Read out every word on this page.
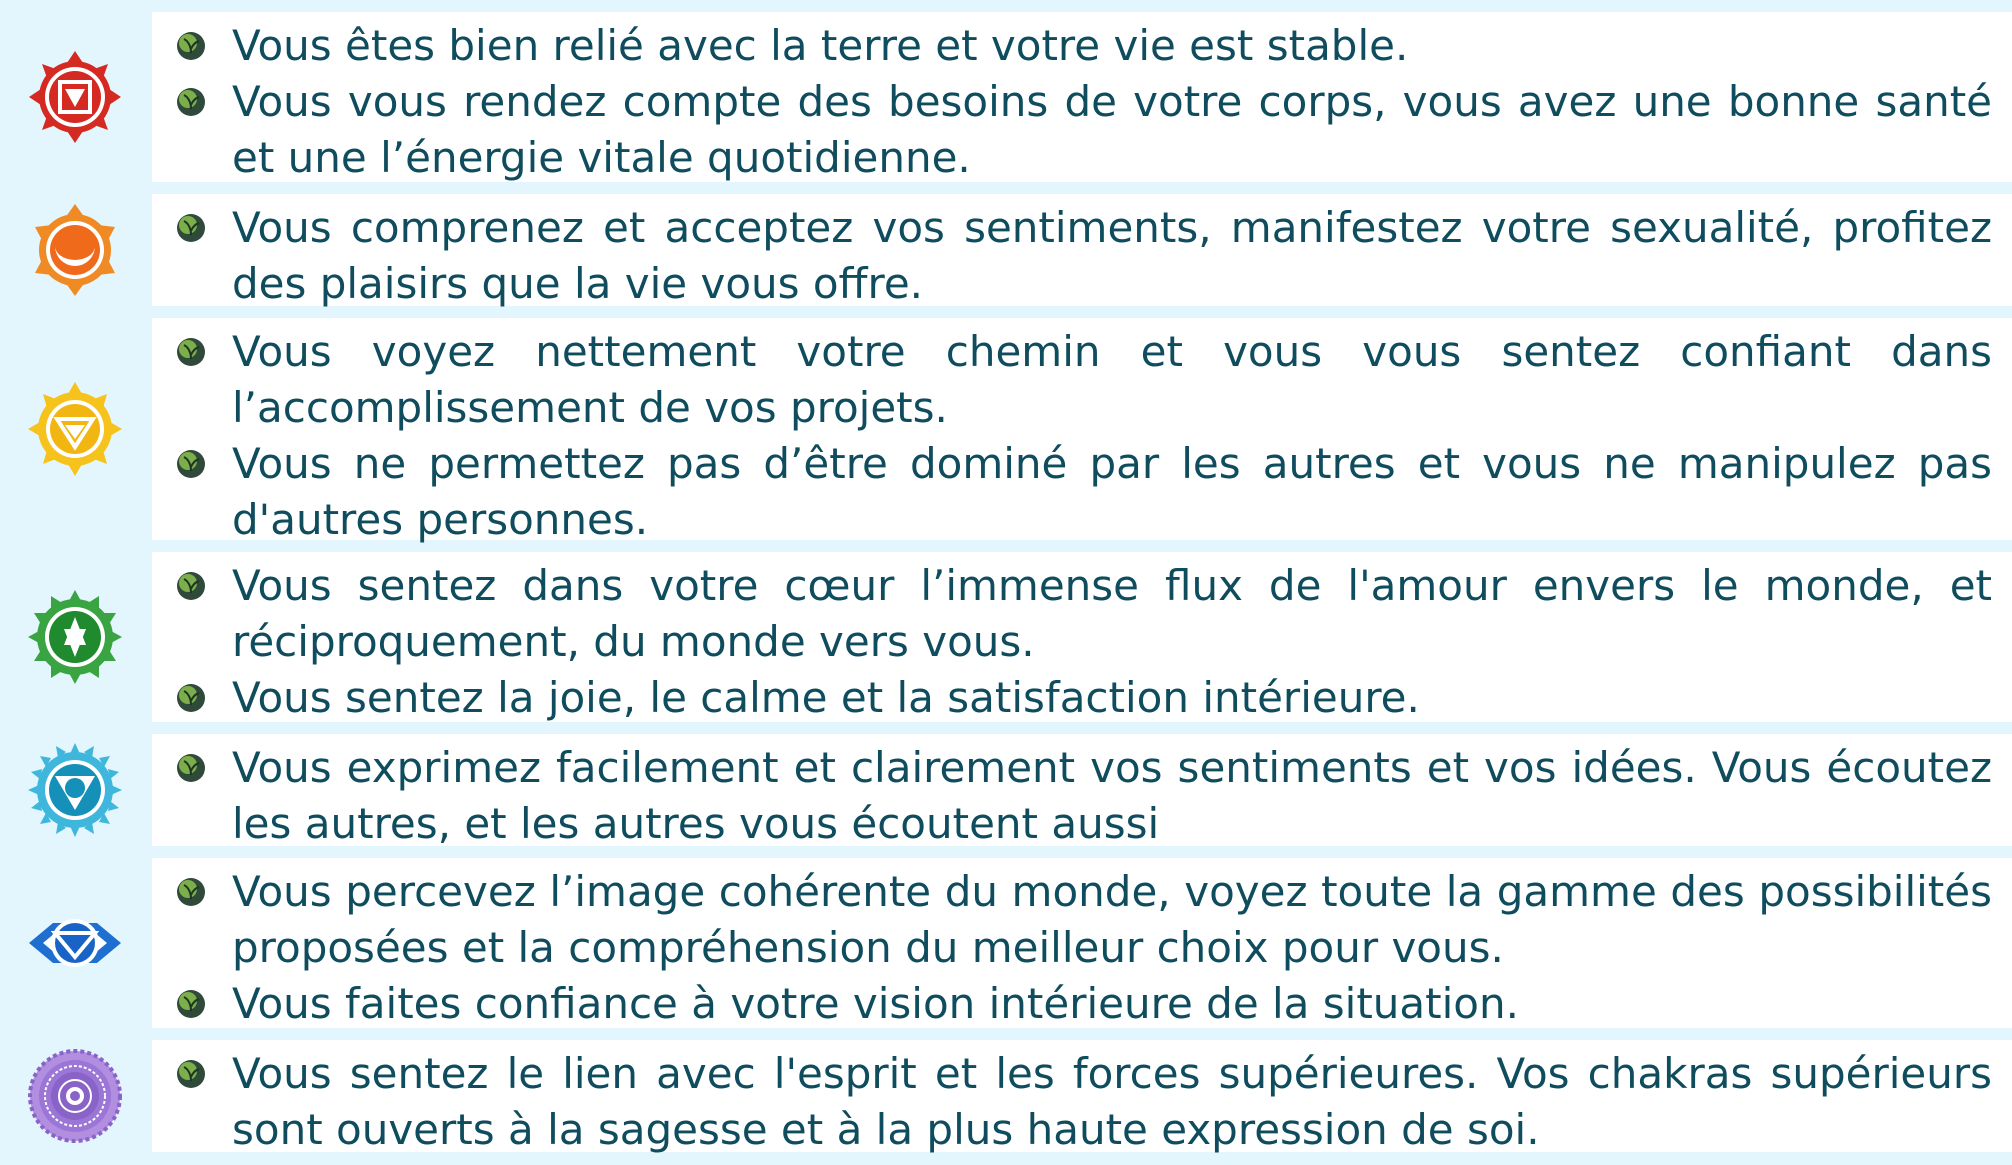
Vous êtes bien relié avec la terre et votre vie est stable.
Vous vous rendez compte des besoins de votre corps, vous avez une bonne santé et une l’énergie vitale quotidienne.
Vous comprenez et acceptez vos sentiments, manifestez votre sexualité, profitez des plaisirs que la vie vous offre.
Vous voyez nettement votre chemin et vous vous sentez confiant dans l’accomplissement de vos projets.
Vous ne permettez pas d’être dominé par les autres et vous ne manipulez pas d'autres personnes.
Vous sentez dans votre cœur l’immense flux de l'amour envers le monde, et réciproquement, du monde vers vous.
Vous sentez la joie, le calme et la satisfaction intérieure.
Vous exprimez facilement et clairement vos sentiments et vos idées. Vous écoutez les autres, et les autres vous écoutent aussi
Vous percevez l’image cohérente du monde, voyez toute la gamme des possibilités proposées et la compréhension du meilleur choix pour vous.
Vous faites confiance à votre vision intérieure de la situation.
Vous sentez le lien avec l'esprit et les forces supérieures. Vos chakras supérieurs sont ouverts à la sagesse et à la plus haute expression de soi.
